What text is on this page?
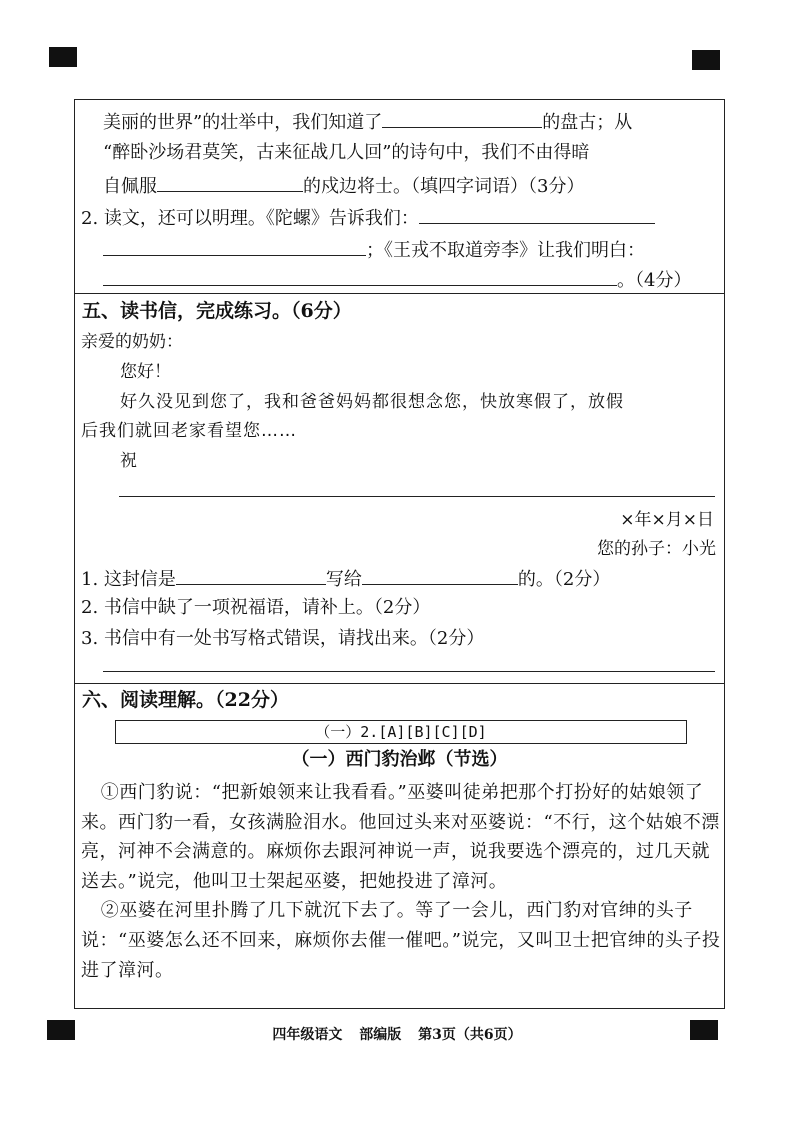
美丽的世界”的壮举中，我们知道了	的盘古；从
“醉卧沙场君莫笑，古来征战几人回”的诗句中，我们不由得暗
自佩服	的戍边将士。（填四字词语）（3分）
2. 读文，还可以明理。《陀螺》告诉我们：
；《王戎不取道旁李》让我们明白：
。（4分）
五、读书信，完成练习。（6分）
亲爱的奶奶：
您好！
好久没见到您了，我和爸爸妈妈都很想念您，快放寒假了，放假
后我们就回老家看望您……
祝
×年×月×日
您的孙子：小光
1. 这封信是	写给	的。（2分）
2. 书信中缺了一项祝福语，请补上。（2分）
3. 书信中有一处书写格式错误，请找出来。（2分）
六、阅读理解。（22分）
（一）2.[A][B][C][D]
（一）西门豹治邺（节选）

①西门豹说：“把新娘领来让我看看。”巫婆叫徒弟把那个打扮好的姑娘领了来。西门豹一看，女孩满脸泪水。他回过头来对巫婆说：“不行，这个姑娘不漂亮，河神不会满意的。麻烦你去跟河神说一声，说我要选个漂亮的，过几天就送去。”说完，他叫卫士架起巫婆，把她投进了漳河。

②巫婆在河里扑腾了几下就沉下去了。等了一会儿，西门豹对官绅的头子说：“巫婆怎么还不回来，麻烦你去催一催吧。”说完，又叫卫士把官绅的头子投进了漳河。

四年级语文 部编版 第3页（共6页）
